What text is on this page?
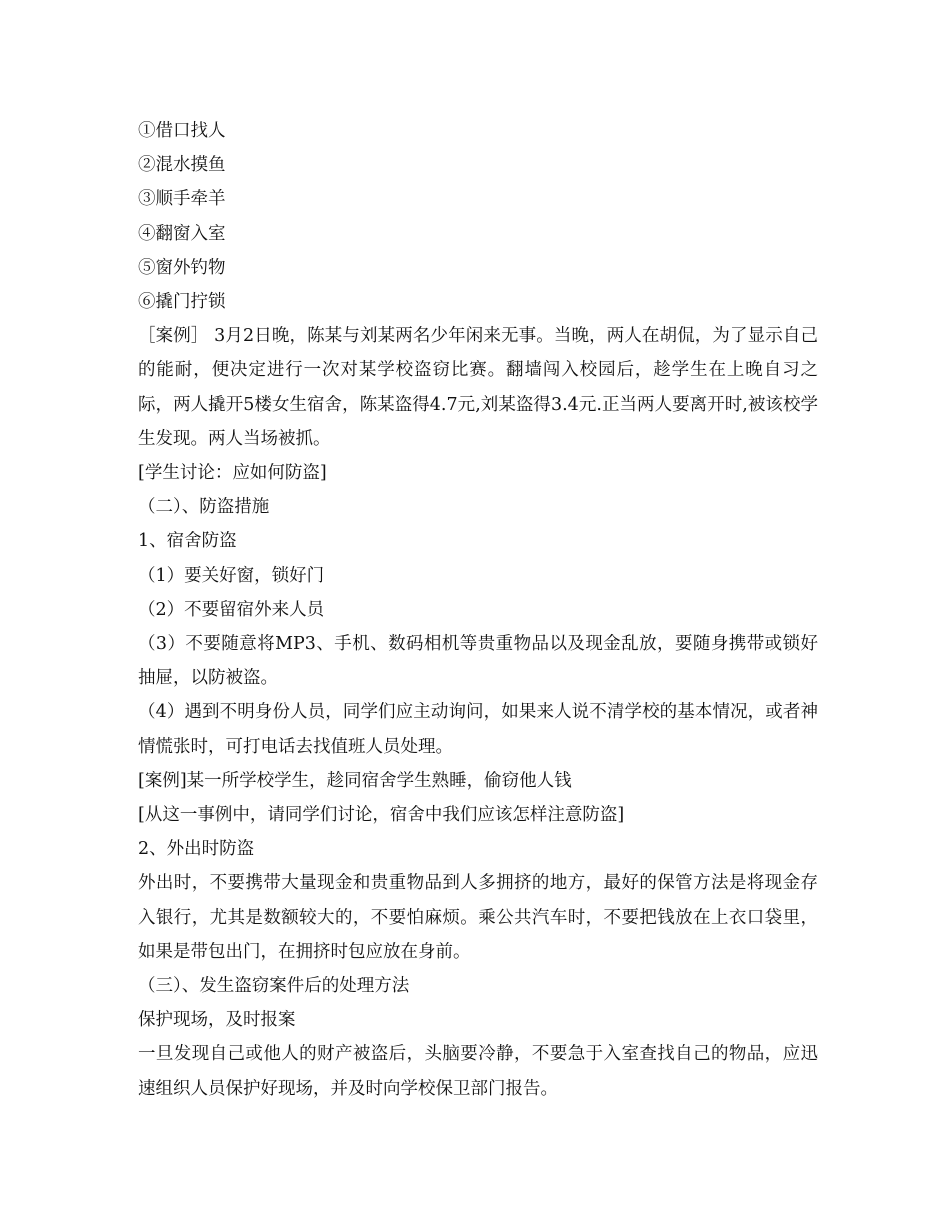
①借口找人
②混水摸鱼
③顺手牵羊
④翻窗入室
⑤窗外钓物
⑥撬门拧锁
［案例］ 3月2日晚，陈某与刘某两名少年闲来无事。当晚，两人在胡侃，为了显示自己的能耐，便决定进行一次对某学校盗窃比赛。翻墙闯入校园后，趁学生在上晚自习之际，两人撬开5楼女生宿舍，陈某盗得4.7元,刘某盗得3.4元.正当两人要离开时,被该校学生发现。两人当场被抓。
[学生讨论：应如何防盗]
（二）、防盗措施
1、宿舍防盗
（1）要关好窗，锁好门
（2）不要留宿外来人员
（3）不要随意将MP3、手机、数码相机等贵重物品以及现金乱放，要随身携带或锁好抽屉，以防被盗。
（4）遇到不明身份人员，同学们应主动询问，如果来人说不清学校的基本情况，或者神情慌张时，可打电话去找值班人员处理。
[案例]某一所学校学生，趁同宿舍学生熟睡，偷窃他人钱
[从这一事例中，请同学们讨论，宿舍中我们应该怎样注意防盗]
2、外出时防盗
外出时，不要携带大量现金和贵重物品到人多拥挤的地方，最好的保管方法是将现金存入银行，尤其是数额较大的，不要怕麻烦。乘公共汽车时，不要把钱放在上衣口袋里，如果是带包出门，在拥挤时包应放在身前。
（三）、发生盗窃案件后的处理方法
保护现场，及时报案
一旦发现自己或他人的财产被盗后，头脑要冷静，不要急于入室查找自己的物品，应迅速组织人员保护好现场，并及时向学校保卫部门报告。
